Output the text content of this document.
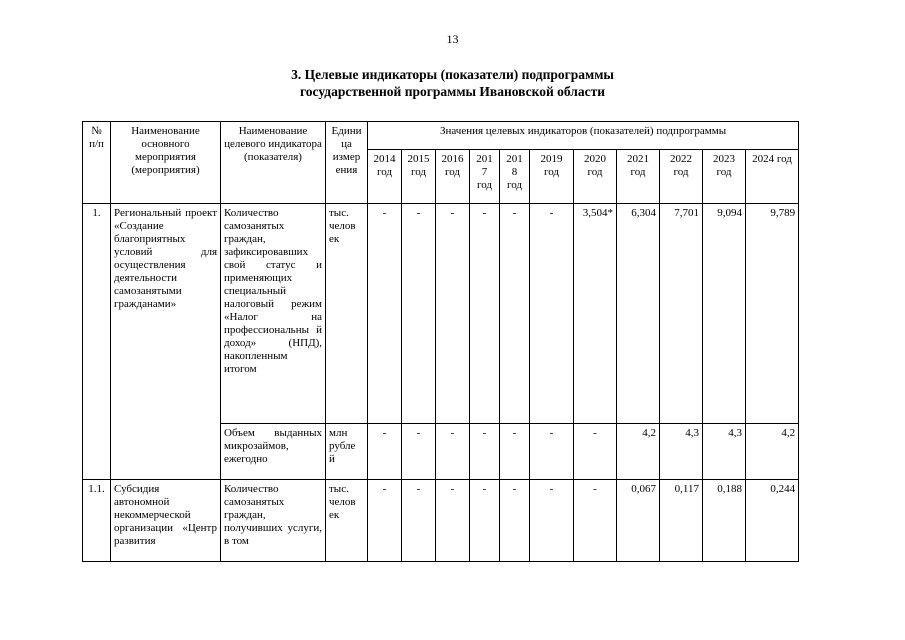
13
3. Целевые индикаторы (показатели) подпрограммы
государственной программы Ивановской области
№ п/п	Наименование основного мероприятия (мероприятия)	Наименование целевого индикатора (показателя)	Едини ца измер ения	Значения целевых индикаторов (показателей) подпрограммы										
				2014 год	2015 год	2016 год	201 7 год	201 8 год	2019 год	2020 год	2021 год	2022 год	2023 год	2024 год
1.	Региональный проект «Создание благоприятных условий для осуществления деятельности самозанятыми гражданами»	Количество самозанятых граждан, зафиксировавших свой статус и применяющих специальный налоговый режим «Налог на профессиональны й доход» (НПД), накопленным итогом	тыс. челов ек	-	-	-	-	-	-	3,504*	6,304	7,701	9,094	9,789
		Объем выданных микрозаймов, ежегодно	млн рубле й	-	-	-	-	-	-	-	4,2	4,3	4,3	4,2
1.1.	Субсидия автономной некоммерческой организации «Центр развития	Количество самозанятых граждан, получивших услуги, в том	тыс. челов ек	-	-	-	-	-	-	-	0,067	0,117	0,188	0,244
